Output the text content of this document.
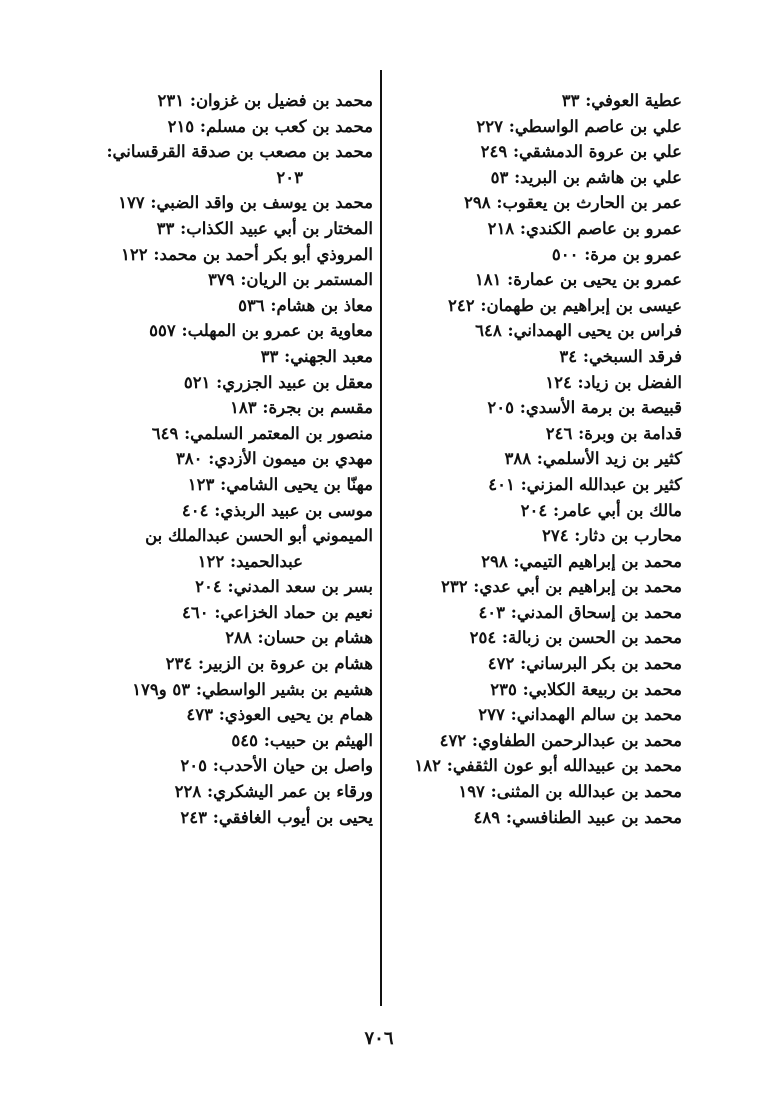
عطية العوفي: ٣٣
علي بن عاصم الواسطي: ٢٢٧
علي بن عروة الدمشقي: ٢٤٩
علي بن هاشم بن البريد: ٥٣
عمر بن الحارث بن يعقوب: ٢٩٨
عمرو بن عاصم الكندي: ٢١٨
عمرو بن مرة: ٥٠٠
عمرو بن يحيى بن عمارة: ١٨١
عيسى بن إبراهيم بن طهمان: ٢٤٢
فراس بن يحيى الهمداني: ٦٤٨
فرقد السبخي: ٣٤
الفضل بن زياد: ١٢٤
قبيصة بن برمة الأسدي: ٢٠٥
قدامة بن وبرة: ٢٤٦
كثير بن زيد الأسلمي: ٣٨٨
كثير بن عبدالله المزني: ٤٠١
مالك بن أبي عامر: ٢٠٤
محارب بن دثار: ٢٧٤
محمد بن إبراهيم التيمي: ٢٩٨
محمد بن إبراهيم بن أبي عدي: ٢٣٢
محمد بن إسحاق المدني: ٤٠٣
محمد بن الحسن بن زبالة: ٢٥٤
محمد بن بكر البرساني: ٤٧٢
محمد بن ربيعة الكلابي: ٢٣٥
محمد بن سالم الهمداني: ٢٧٧
محمد بن عبدالرحمن الطفاوي: ٤٧٢
محمد بن عبيدالله أبو عون الثقفي: ١٨٢
محمد بن عبدالله بن المثنى: ١٩٧
محمد بن عبيد الطنافسي: ٤٨٩
محمد بن فضيل بن غزوان: ٢٣١
محمد بن كعب بن مسلم: ٢١٥
محمد بن مصعب بن صدقة القرقساني:
٢٠٣
محمد بن يوسف بن واقد الضبي: ١٧٧
المختار بن أبي عبيد الكذاب: ٣٣
المروذي أبو بكر أحمد بن محمد: ١٢٢
المستمر بن الريان: ٣٧٩
معاذ بن هشام: ٥٣٦
معاوية بن عمرو بن المهلب: ٥٥٧
معبد الجهني: ٣٣
معقل بن عبيد الجزري: ٥٢١
مقسم بن بجرة: ١٨٣
منصور بن المعتمر السلمي: ٦٤٩
مهدي بن ميمون الأزدي: ٣٨٠
مهنّا بن يحيى الشامي: ١٢٣
موسى بن عبيد الربذي: ٤٠٤
الميموني أبو الحسن عبدالملك بن
عبدالحميد: ١٢٢
بسر بن سعد المدني: ٢٠٤
نعيم بن حماد الخزاعي: ٤٦٠
هشام بن حسان: ٢٨٨
هشام بن عروة بن الزبير: ٢٣٤
هشيم بن بشير الواسطي: ٥٣ و١٧٩
همام بن يحيى العوذي: ٤٧٣
الهيثم بن حبيب: ٥٤٥
واصل بن حيان الأحدب: ٢٠٥
ورقاء بن عمر اليشكري: ٢٢٨
يحيى بن أيوب الغافقي: ٢٤٣
٧٠٦
